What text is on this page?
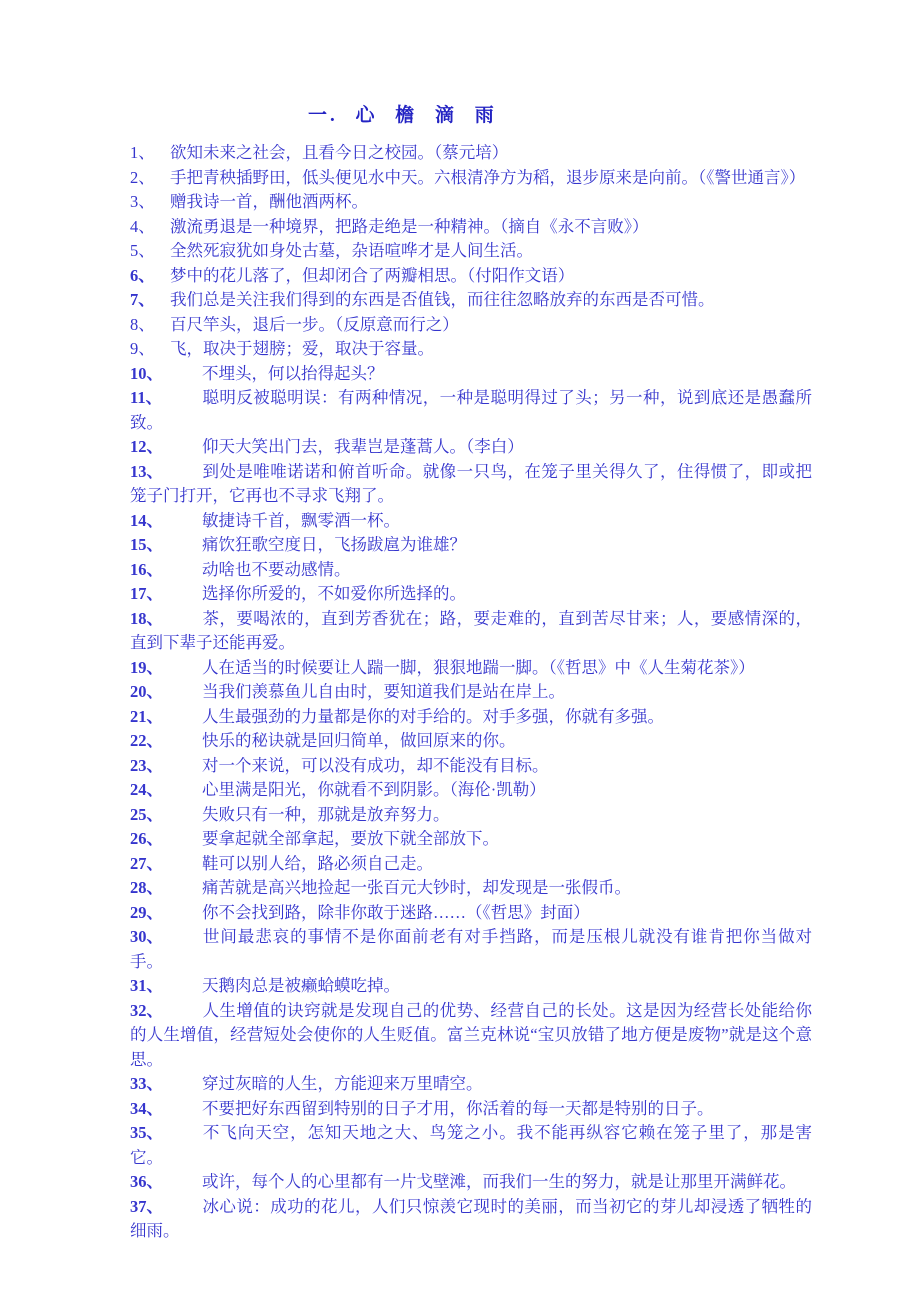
一. 心 檐 滴 雨
1、 欲知未来之社会，且看今日之校园。（蔡元培）
2、 手把青秧插野田，低头便见水中天。六根清净方为稻，退步原来是向前。（《警世通言》）
3、 赠我诗一首，酬他酒两杯。
4、 激流勇退是一种境界，把路走绝是一种精神。（摘自《永不言败》）
5、 全然死寂犹如身处古墓，杂语喧哗才是人间生活。
6、 梦中的花儿落了，但却闭合了两瓣相思。（付阳作文语）
7、 我们总是关注我们得到的东西是否值钱，而往往忽略放弃的东西是否可惜。
8、 百尺竿头，退后一步。（反原意而行之）
9、 飞，取决于翅膀；爱，取决于容量。
10、 不埋头，何以抬得起头？
11、 聪明反被聪明误：有两种情况，一种是聪明得过了头；另一种，说到底还是愚蠢所致。
12、 仰天大笑出门去，我辈岂是蓬蒿人。（李白）
13、 到处是唯唯诺诺和俯首听命。就像一只鸟，在笼子里关得久了，住得惯了，即或把笼子门打开，它再也不寻求飞翔了。
14、 敏捷诗千首，飘零酒一杯。
15、 痛饮狂歌空度日，飞扬跋扈为谁雄？
16、 动啥也不要动感情。
17、 选择你所爱的，不如爱你所选择的。
18、 茶，要喝浓的，直到芳香犹在；路，要走难的，直到苦尽甘来；人，要感情深的，直到下辈子还能再爱。
19、 人在适当的时候要让人踹一脚，狠狠地踹一脚。（《哲思》中《人生菊花茶》）
20、 当我们羡慕鱼儿自由时，要知道我们是站在岸上。
21、 人生最强劲的力量都是你的对手给的。对手多强，你就有多强。
22、 快乐的秘诀就是回归简单，做回原来的你。
23、 对一个来说，可以没有成功，却不能没有目标。
24、 心里满是阳光，你就看不到阴影。（海伦·凯勒）
25、 失败只有一种，那就是放弃努力。
26、 要拿起就全部拿起，要放下就全部放下。
27、 鞋可以别人给，路必须自己走。
28、 痛苦就是高兴地捡起一张百元大钞时，却发现是一张假币。
29、 你不会找到路，除非你敢于迷路……（《哲思》封面）
30、 世间最悲哀的事情不是你面前老有对手挡路，而是压根儿就没有谁肯把你当做对手。
31、 天鹅肉总是被癞蛤蟆吃掉。
32、 人生增值的诀窍就是发现自己的优势、经营自己的长处。这是因为经营长处能给你的人生增值，经营短处会使你的人生贬值。富兰克林说“宝贝放错了地方便是废物”就是这个意思。
33、 穿过灰暗的人生，方能迎来万里晴空。
34、 不要把好东西留到特别的日子才用，你活着的每一天都是特别的日子。
35、 不飞向天空，怎知天地之大、鸟笼之小。我不能再纵容它赖在笼子里了，那是害它。
36、 或许，每个人的心里都有一片戈壁滩，而我们一生的努力，就是让那里开满鲜花。
37、 冰心说：成功的花儿，人们只惊羡它现时的美丽，而当初它的芽儿却浸透了牺牲的细雨。
